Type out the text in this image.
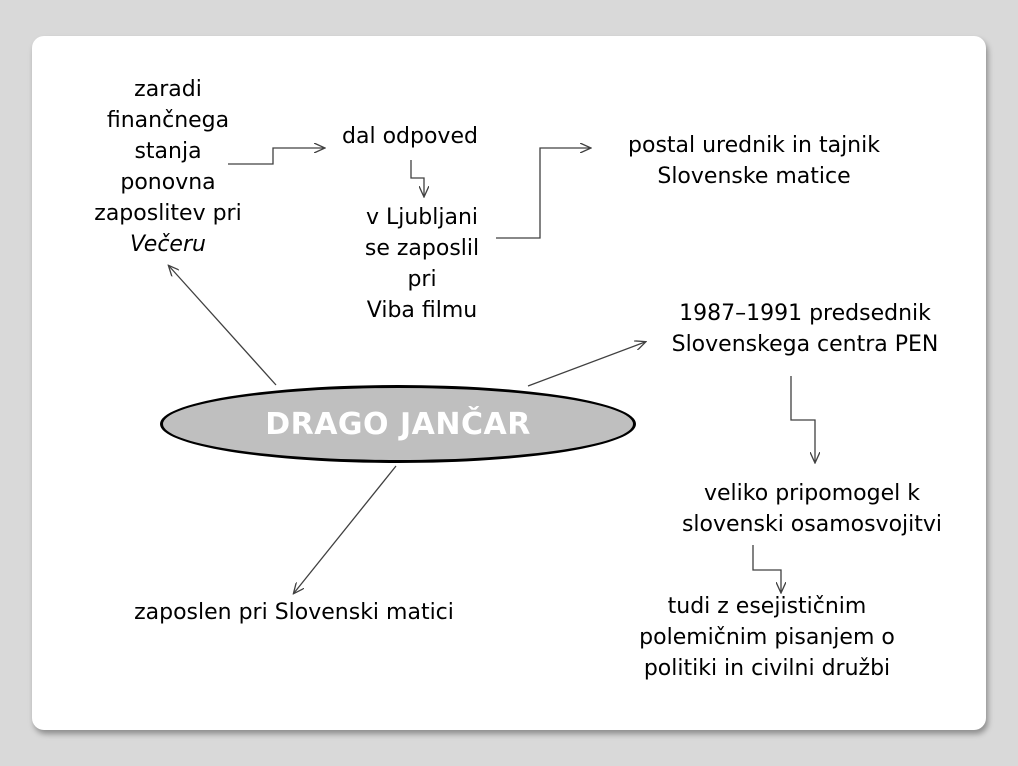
DRAGO JANČAR
zaradi
finančnega
stanja
ponovna
zaposlitev pri
Večeru
dal odpoved
v Ljubljani
se zaposlil
pri
Viba filmu
postal urednik in tajnik
Slovenske matice
1987–1991 predsednik
Slovenskega centra PEN
veliko pripomogel k
slovenski osamosvojitvi
tudi z esejističnim
polemičnim pisanjem o
politiki in civilni družbi
zaposlen pri Slovenski matici
